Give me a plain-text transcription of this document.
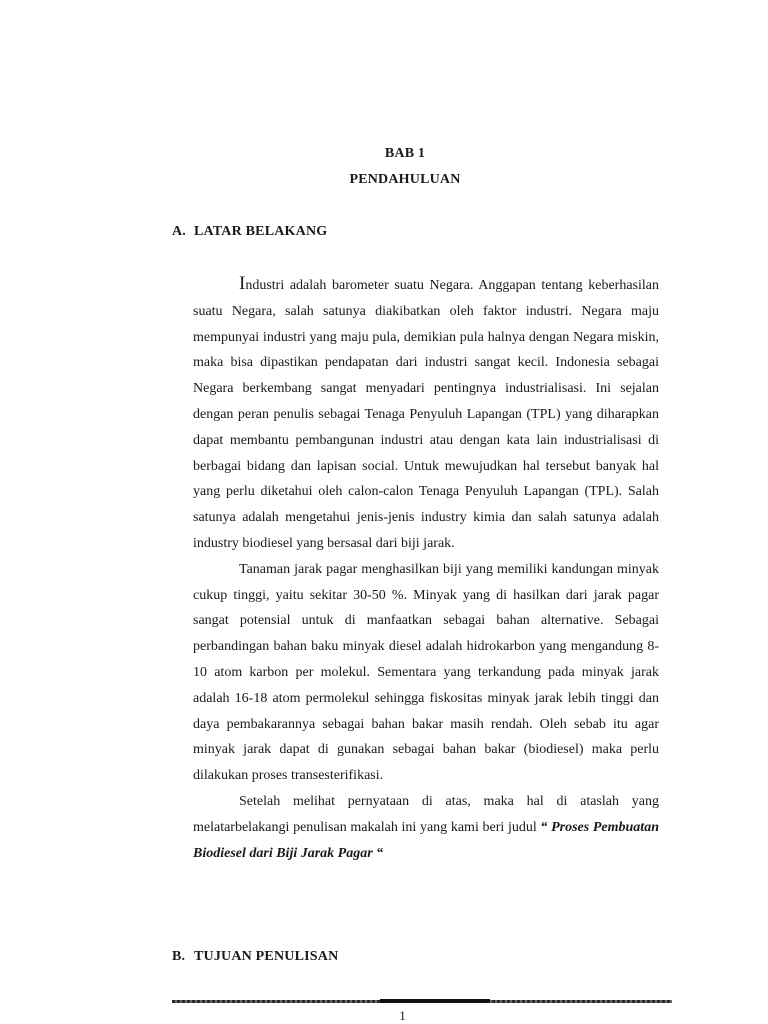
BAB 1
PENDAHULUAN
A. LATAR BELAKANG

Industri adalah barometer suatu Negara. Anggapan tentang keberhasilan suatu Negara, salah satunya diakibatkan oleh faktor industri. Negara maju mempunyai industri yang maju pula, demikian pula halnya dengan Negara miskin, maka bisa dipastikan pendapatan dari industri sangat kecil. Indonesia sebagai Negara berkembang sangat menyadari pentingnya industrialisasi. Ini sejalan dengan peran penulis sebagai Tenaga Penyuluh Lapangan (TPL) yang diharapkan dapat membantu pembangunan industri atau dengan kata lain industrialisasi di berbagai bidang dan lapisan social. Untuk mewujudkan hal tersebut banyak hal yang perlu diketahui oleh calon-calon Tenaga Penyuluh Lapangan (TPL). Salah satunya adalah mengetahui jenis-jenis industry kimia dan salah satunya adalah industry biodiesel yang bersasal dari biji jarak.

Tanaman jarak pagar menghasilkan biji yang memiliki kandungan minyak cukup tinggi, yaitu sekitar 30-50 %. Minyak yang di hasilkan dari jarak pagar sangat potensial untuk di manfaatkan sebagai bahan alternative. Sebagai perbandingan bahan baku minyak diesel adalah hidrokarbon yang mengandung 8-10 atom karbon per molekul. Sementara yang terkandung pada minyak jarak adalah 16-18 atom permolekul sehingga fiskositas minyak jarak lebih tinggi dan daya pembakarannya sebagai bahan bakar masih rendah. Oleh sebab itu agar minyak jarak dapat di gunakan sebagai bahan bakar (biodiesel) maka perlu dilakukan proses transesterifikasi.

Setelah melihat pernyataan di atas, maka hal di ataslah yang melatarbelakangi penulisan makalah ini yang kami beri judul “ Proses Pembuatan Biodiesel dari Biji Jarak Pagar “

B. TUJUAN PENULISAN
1
